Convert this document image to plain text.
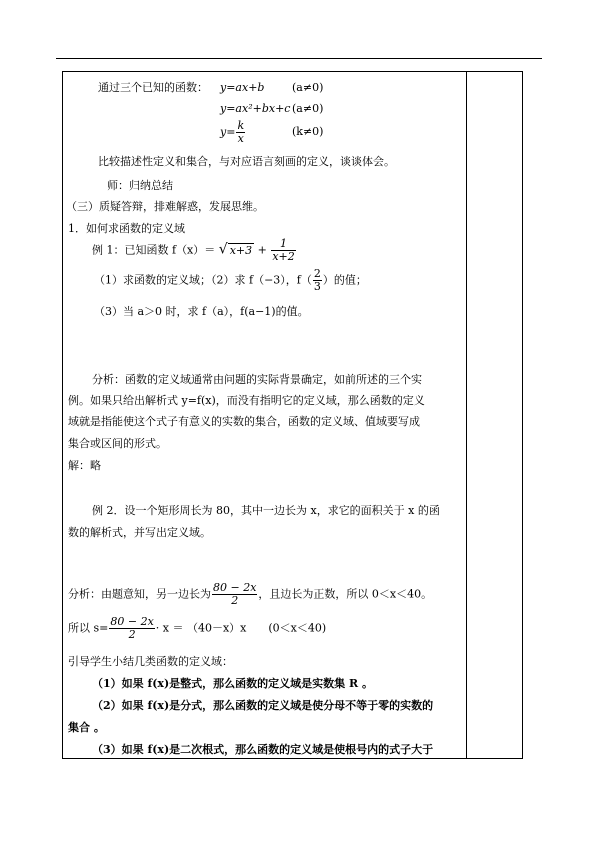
通过三个已知的函数： y=ax+b	(a≠0)
y=ax²+bx+c (a≠0)
$y= \frac{k}{x}$	(k≠0)
比较描述性定义和集合，与对应语言刻画的定义，谈谈体会。
师：归纳总结
（三）质疑答辩，排难解惑，发展思维。
1．如何求函数的定义域
例 1：已知函数 f（x）＝ √ $x+3 + \frac{1}{x+2}$
（1）求函数的定义域；（2）求 f（−3），$f( \frac{2}{3}$ ）的值；
（3）当 a＞0 时，求 f（a），f(a−1)的值。
分析：函数的定义域通常由问题的实际背景确定，如前所述的三个实
例。如果只给出解析式 y=f(x)，而没有指明它的定义域，那么函数的定义
域就是指能使这个式子有意义的实数的集合，函数的定义域、值域要写成
集合或区间的形式。
解：略
例 2．设一个矩形周长为 80，其中一边长为 x，求它的面积关于 x 的函
数的解析式，并写出定义域。
分析：由题意知，另一边长为 $\frac{80 - 2x}{2}$ ，且边长为正数，所以 0＜x＜40。
所以 $s= \frac{80 - 2x}{2} \cdot x = (40-x)x$　　(0＜x＜40)
引导学生小结几类函数的定义域：
（1）如果 f(x)是整式，那么函数的定义域是实数集 R 。
（2）如果 f(x)是分式，那么函数的定义域是使分母不等于零的实数的
集合 。
（3）如果 f(x)是二次根式，那么函数的定义域是使根号内的式子大于
